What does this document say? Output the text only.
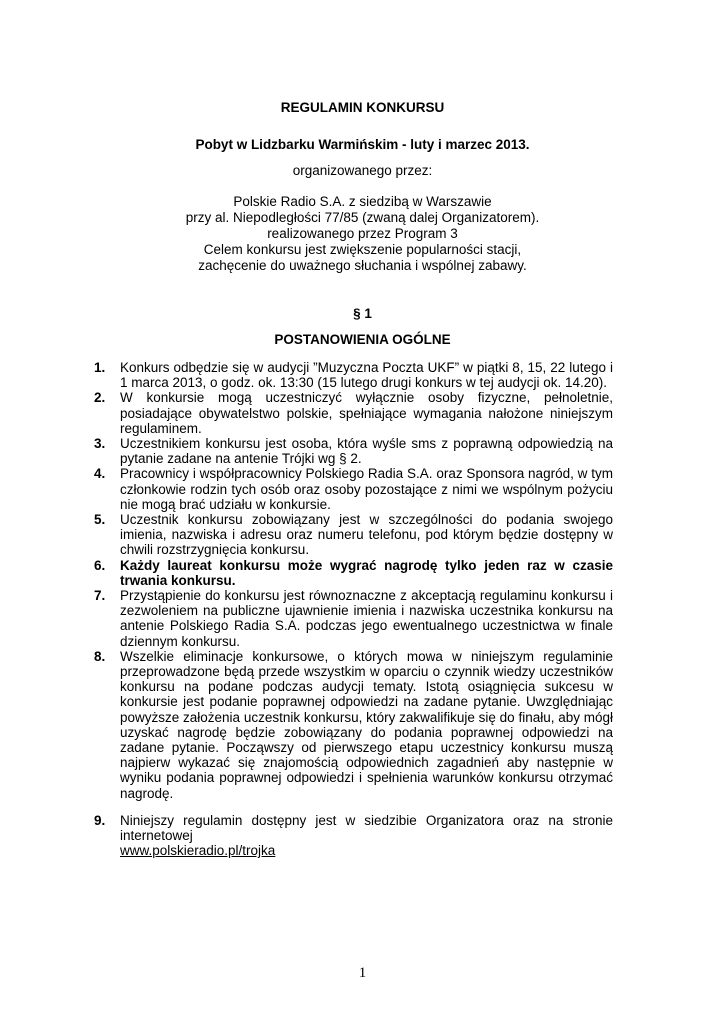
REGULAMIN KONKURSU
Pobyt w Lidzbarku Warmińskim - luty i marzec 2013.
organizowanego przez:
Polskie Radio S.A. z siedzibą w Warszawie
przy al. Niepodległości 77/85 (zwaną dalej Organizatorem).
realizowanego przez Program 3
Celem konkursu jest zwiększenie popularności stacji,
zachęcenie do uważnego słuchania i wspólnej zabawy.
§ 1
POSTANOWIENIA OGÓLNE
1. Konkurs odbędzie się w audycji ”Muzyczna Poczta UKF” w piątki 8, 15, 22 lutego i 1 marca 2013, o godz. ok. 13:30 (15 lutego drugi konkurs w tej audycji ok. 14.20).
2. W konkursie mogą uczestniczyć wyłącznie osoby fizyczne, pełnoletnie, posiadające obywatelstwo polskie, spełniające wymagania nałożone niniejszym regulaminem.
3. Uczestnikiem konkursu jest osoba, która wyśle sms z poprawną odpowiedzią na pytanie zadane na antenie Trójki wg § 2.
4. Pracownicy i współpracownicy Polskiego Radia S.A. oraz Sponsora nagród, w tym członkowie rodzin tych osób oraz osoby pozostające z nimi we wspólnym pożyciu nie mogą brać udziału w konkursie.
5. Uczestnik konkursu zobowiązany jest w szczególności do podania swojego imienia, nazwiska i adresu oraz numeru telefonu, pod którym będzie dostępny w chwili rozstrzygnięcia konkursu.
6. Każdy laureat konkursu może wygrać nagrodę tylko jeden raz w czasie trwania konkursu.
7. Przystąpienie do konkursu jest równoznaczne z akceptacją regulaminu konkursu i zezwoleniem na publiczne ujawnienie imienia i nazwiska uczestnika konkursu na antenie Polskiego Radia S.A. podczas jego ewentualnego uczestnictwa w finale dziennym konkursu.
8. Wszelkie eliminacje konkursowe, o których mowa w niniejszym regulaminie przeprowadzone będą przede wszystkim w oparciu o czynnik wiedzy uczestników konkursu na podane podczas audycji tematy. Istotą osiągnięcia sukcesu w konkursie jest podanie poprawnej odpowiedzi na zadane pytanie. Uwzględniając powyższe założenia uczestnik konkursu, który zakwalifikuje się do finału, aby mógł uzyskać nagrodę będzie zobowiązany do podania poprawnej odpowiedzi na zadane pytanie. Począwszy od pierwszego etapu uczestnicy konkursu muszą najpierw wykazać się znajomością odpowiednich zagadnień aby następnie w wyniku podania poprawnej odpowiedzi i spełnienia warunków konkursu otrzymać nagrodę.
9. Niniejszy regulamin dostępny jest w siedzibie Organizatora oraz na stronie internetowej
www.polskieradio.pl/trojka
1
